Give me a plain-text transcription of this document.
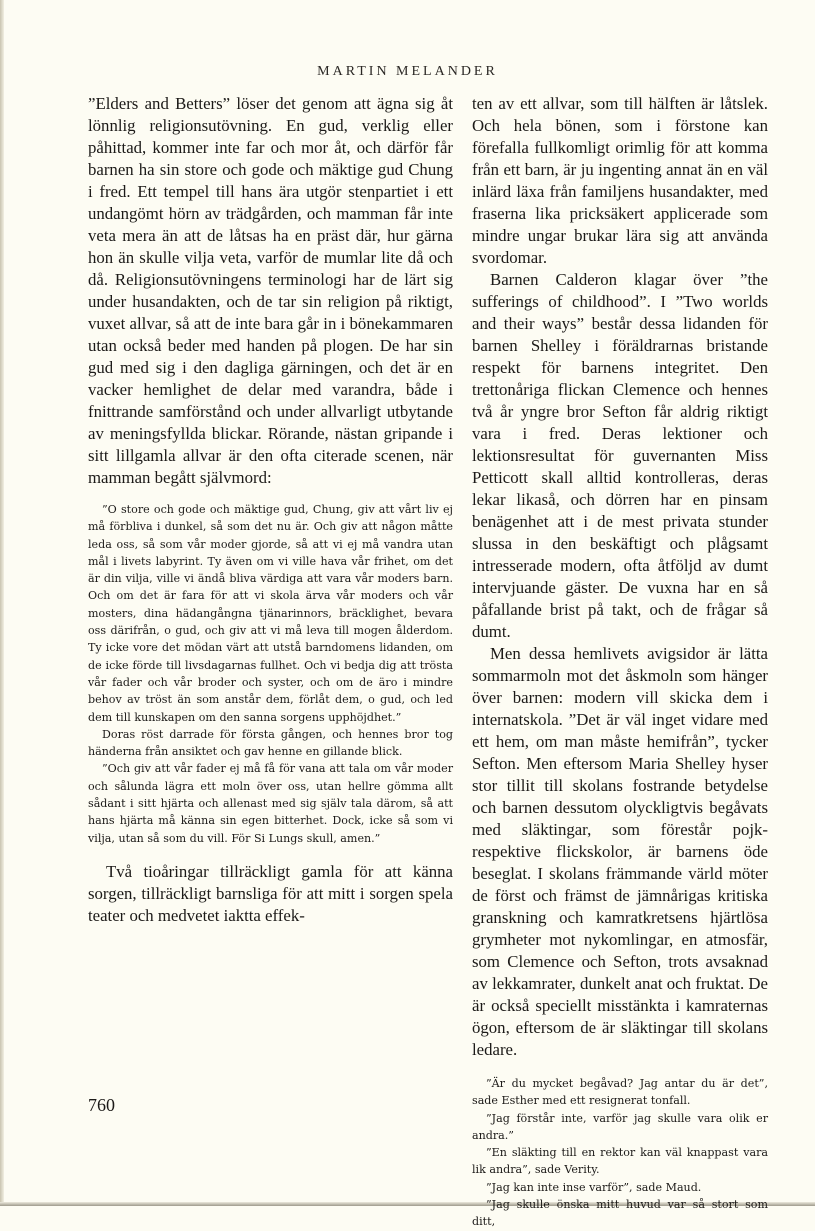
MARTIN MELANDER

”Elders and Betters” löser det genom att ägna sig åt lönnlig religionsutövning. En gud, verklig eller påhittad, kommer inte far och mor åt, och därför får barnen ha sin store och gode och mäktige gud Chung i fred. Ett tempel till hans ära utgör stenpartiet i ett undangömt hörn av trädgården, och mamman får inte veta mera än att de låtsas ha en präst där, hur gärna hon än skulle vilja veta, varför de mumlar lite då och då. Religionsutövningens terminologi har de lärt sig under husandakten, och de tar sin religion på riktigt, vuxet allvar, så att de inte bara går in i bönekammaren utan också beder med handen på plogen. De har sin gud med sig i den dagliga gärningen, och det är en vacker hemlighet de delar med varandra, både i fnittrande samförstånd och under allvarligt utbytande av meningsfyllda blickar. Rörande, nästan gripande i sitt lillgamla allvar är den ofta citerade scenen, när mamman begått självmord:

”O store och gode och mäktige gud, Chung, giv att vårt liv ej må förbliva i dunkel, så som det nu är. Och giv att någon måtte leda oss, så som vår moder gjorde, så att vi ej må vandra utan mål i livets labyrint. Ty även om vi ville hava vår frihet, om det är din vilja, ville vi ändå bliva värdiga att vara vår moders barn. Och om det är fara för att vi skola ärva vår moders och vår mosters, dina hädangångna tjänarinnors, bräcklighet, bevara oss därifrån, o gud, och giv att vi må leva till mogen ålderdom. Ty icke vore det mödan värt att utstå barndomens lidanden, om de icke förde till livsdagarnas fullhet. Och vi bedja dig att trösta vår fader och vår broder och syster, och om de äro i mindre behov av tröst än som anstår dem, förlåt dem, o gud, och led dem till kunskapen om den sanna sorgens upphöjdhet.”

Doras röst darrade för första gången, och hennes bror tog händerna från ansiktet och gav henne en gillande blick.

”Och giv att vår fader ej må få för vana att tala om vår moder och sålunda lägra ett moln över oss, utan hellre gömma allt sådant i sitt hjärta och allenast med sig själv tala därom, så att hans hjärta må känna sin egen bitterhet. Dock, icke så som vi vilja, utan så som du vill. För Si Lungs skull, amen.”

Två tioåringar tillräckligt gamla för att känna sorgen, tillräckligt barnsliga för att mitt i sorgen spela teater och medvetet iaktta effek-

ten av ett allvar, som till hälften är låtslek. Och hela bönen, som i förstone kan förefalla fullkomligt orimlig för att komma från ett barn, är ju ingenting annat än en väl inlärd läxa från familjens husandakter, med fraserna lika pricksäkert applicerade som mindre ungar brukar lära sig att använda svordomar.

Barnen Calderon klagar över ”the sufferings of childhood”. I ”Two worlds and their ways” består dessa lidanden för barnen Shelley i föräldrarnas bristande respekt för barnens integritet. Den trettonåriga flickan Clemence och hennes två år yngre bror Sefton får aldrig riktigt vara i fred. Deras lektioner och lektionsresultat för guvernanten Miss Petticott skall alltid kontrolleras, deras lekar likaså, och dörren har en pinsam benägenhet att i de mest privata stunder slussa in den beskäftigt och plågsamt intresserade modern, ofta åtföljd av dumt intervjuande gäster. De vuxna har en så påfallande brist på takt, och de frågar så dumt.

Men dessa hemlivets avigsidor är lätta sommarmoln mot det åskmoln som hänger över barnen: modern vill skicka dem i internatskola. ”Det är väl inget vidare med ett hem, om man måste hemifrån”, tycker Sefton. Men eftersom Maria Shelley hyser stor tillit till skolans fostrande betydelse och barnen dessutom olyckligtvis begåvats med släktingar, som förestår pojk- respektive flickskolor, är barnens öde beseglat. I skolans främmande värld möter de först och främst de jämnårigas kritiska granskning och kamratkretsens hjärtlösa grymheter mot nykomlingar, en atmosfär, som Clemence och Sefton, trots avsaknad av lekkamrater, dunkelt anat och fruktat. De är också speciellt misstänkta i kamraternas ögon, eftersom de är släktingar till skolans ledare.

”Är du mycket begåvad? Jag antar du är det”, sade Esther med ett resignerat tonfall.

”Jag förstår inte, varför jag skulle vara olik er andra.”

”En släkting till en rektor kan väl knappast vara lik andra”, sade Verity.

”Jag kan inte inse varför”, sade Maud.

”Jag skulle önska mitt huvud var så stort som ditt,

760
